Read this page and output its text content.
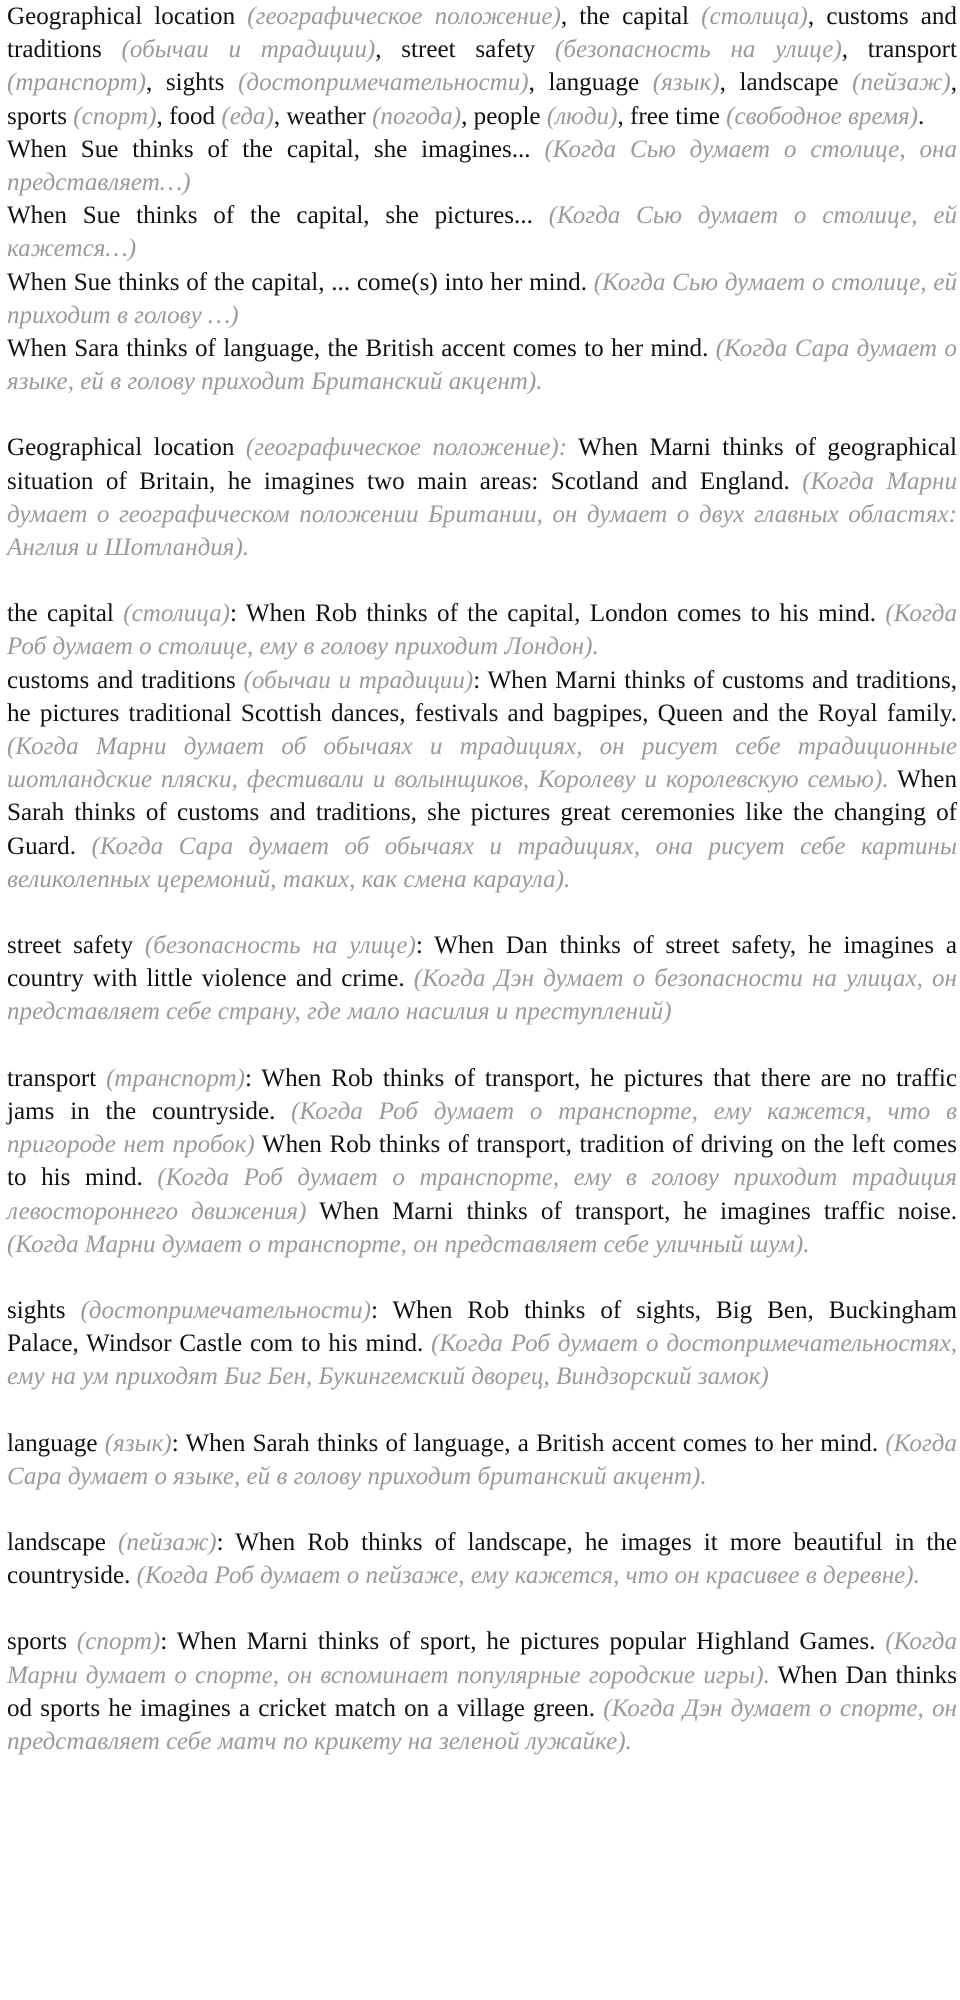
Geographical location (географическое положение), the capital (столица), customs and traditions (обычаи и традиции), street safety (безопасность на улице), transport (транспорт), sights (достопримечательности), language (язык), landscape (пейзаж), sports (спорт), food (еда), weather (погода), people (люди), free time (свободное время).

When Sue thinks of the capital, she imagines... (Когда Сью думает о столице, она представляет…)

When Sue thinks of the capital, she pictures... (Когда Сью думает о столице, ей кажется…)

When Sue thinks of the capital, ... come(s) into her mind. (Когда Сью думает о столице, ей приходит в голову …)

When Sara thinks of language, the British accent comes to her mind. (Когда Сара думает о языке, ей в голову приходит Британский акцент).

Geographical location (географическое положение): When Marni thinks of geographical situation of Britain, he imagines two main areas: Scotland and England. (Когда Марни думает о географическом положении Британии, он думает о двух главных областях: Англия и Шотландия).

the capital (столица): When Rob thinks of the capital, London comes to his mind. (Когда Роб думает о столице, ему в голову приходит Лондон).

customs and traditions (обычаи и традиции): When Marni thinks of customs and traditions, he pictures traditional Scottish dances, festivals and bagpipes, Queen and the Royal family.(Когда Марни думает об обычаях и традициях, он рисует себе традиционные шотландские пляски, фестивали и волынщиков, Королеву и королевскую семью). When Sarah thinks of customs and traditions, she pictures great ceremonies like the changing of Guard. (Когда Сара думает об обычаях и традициях, она рисует себе картины великолепных церемоний, таких, как смена караула).

street safety (безопасность на улице): When Dan thinks of street safety, he imagines a country with little violence and crime. (Когда Дэн думает о безопасности на улицах, он представляет себе страну, где мало насилия и преступлений)

transport (транспорт): When Rob thinks of transport, he pictures that there are no traffic jams in the countryside. (Когда Роб думает о транспорте, ему кажется, что в пригороде нет пробок) When Rob thinks of transport, tradition of driving on the left comes to his mind. (Когда Роб думает о транспорте, ему в голову приходит традиция левостороннего движения) When Marni thinks of transport, he imagines traffic noise. (Когда Марни думает о транспорте, он представляет себе уличный шум).

sights (достопримечательности): When Rob thinks of sights, Big Ben, Buckingham Palace, Windsor Castle com to his mind. (Когда Роб думает о достопримечательностях, ему на ум приходят Биг Бен, Букингемский дворец, Виндзорский замок)

language (язык): When Sarah thinks of language, a British accent comes to her mind. (Когда Сара думает о языке, ей в голову приходит британский акцент).

landscape (пейзаж): When Rob thinks of landscape, he images it more beautiful in the countryside. (Когда Роб думает о пейзаже, ему кажется, что он красивее в деревне).

sports (спорт): When Marni thinks of sport, he pictures popular Highland Games. (Когда Марни думает о спорте, он вспоминает популярные городские игры). When Dan thinks od sports he imagines a cricket match on a village green. (Когда Дэн думает о спорте, он представляет себе матч по крикету на зеленой лужайке).
